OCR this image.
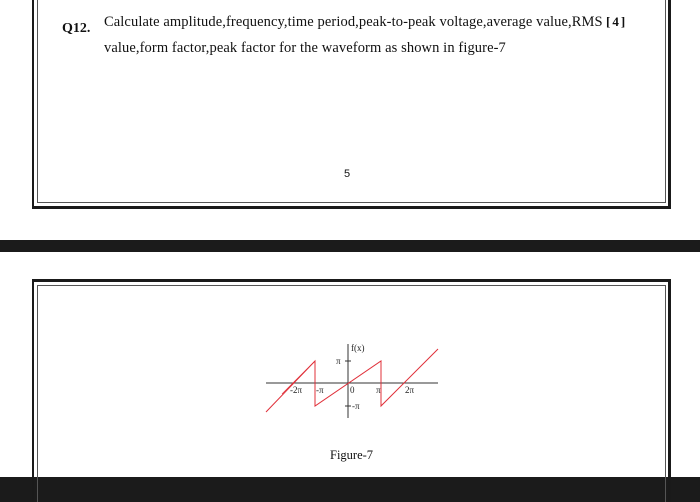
Q12. Calculate amplitude,frequency,time period,peak-to-peak voltage,average value,RMS
value,form factor,peak factor for the waveform as shown in figure-7
[4]
5
f(x)
π
-π
-2π -π	0 π	2π
Figure-7
